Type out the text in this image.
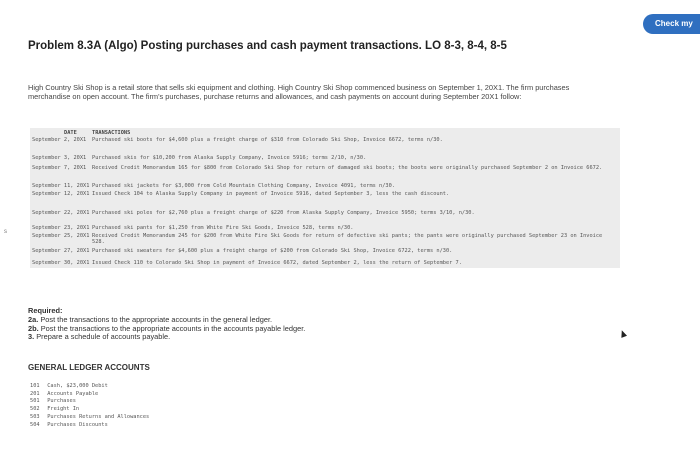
Check my
Problem 8.3A (Algo) Posting purchases and cash payment transactions. LO 8-3, 8-4, 8-5
High Country Ski Shop is a retail store that sells ski equipment and clothing. High Country Ski Shop commenced business on September 1, 20X1. The firm purchases merchandise on open account. The firm's purchases, purchase returns and allowances, and cash payments on account during September 20X1 follow:
s
DATE	TRANSACTIONS
September 2, 20X1	Purchased ski boots for $4,600 plus a freight charge of $310 from Colorado Ski Shop, Invoice 6672, terms n/30.
September 3, 20X1	Purchased skis for $10,200 from Alaska Supply Company, Invoice 5916; terms 2/10, n/30.
September 7, 20X1	Received Credit Memorandum 165 for $800 from Colorado Ski Shop for return of damaged ski boots; the boots were originally purchased September 2 on Invoice 6672.
September 11, 20X1 Purchased ski jackets for $3,000 from Cold Mountain Clothing Company, Invoice 4091, terms n/30.
September 12, 20X1 Issued Check 104 to Alaska Supply Company in payment of Invoice 5916, dated September 3, less the cash discount.
September 22, 20X1 Purchased ski poles for $2,760 plus a freight charge of $220 from Alaska Supply Company, Invoice 5950; terms 3/10, n/30.
September 23, 20X1 Purchased ski pants for $1,250 from White Fire Ski Goods, Invoice 528, terms n/30.
September 25, 20X1 Received Credit Memorandum 245 for $200 from White Fire Ski Goods for return of defective ski pants; the pants were originally purchased September 23 on Invoice 528.
September 27, 20X1 Purchased ski sweaters for $4,600 plus a freight charge of $200 from Colorado Ski Shop, Invoice 6722, terms n/30.
September 30, 20X1 Issued Check 110 to Colorado Ski Shop in payment of Invoice 6672, dated September 2, less the return of September 7.
Required:
2a. Post the transactions to the appropriate accounts in the general ledger.
2b. Post the transactions to the appropriate accounts in the accounts payable ledger.
3. Prepare a schedule of accounts payable.
GENERAL LEDGER ACCOUNTS
101 Cash, $23,000 Debit
201 Accounts Payable
501 Purchases
502 Freight In
503 Purchases Returns and Allowances
504 Purchases Discounts
